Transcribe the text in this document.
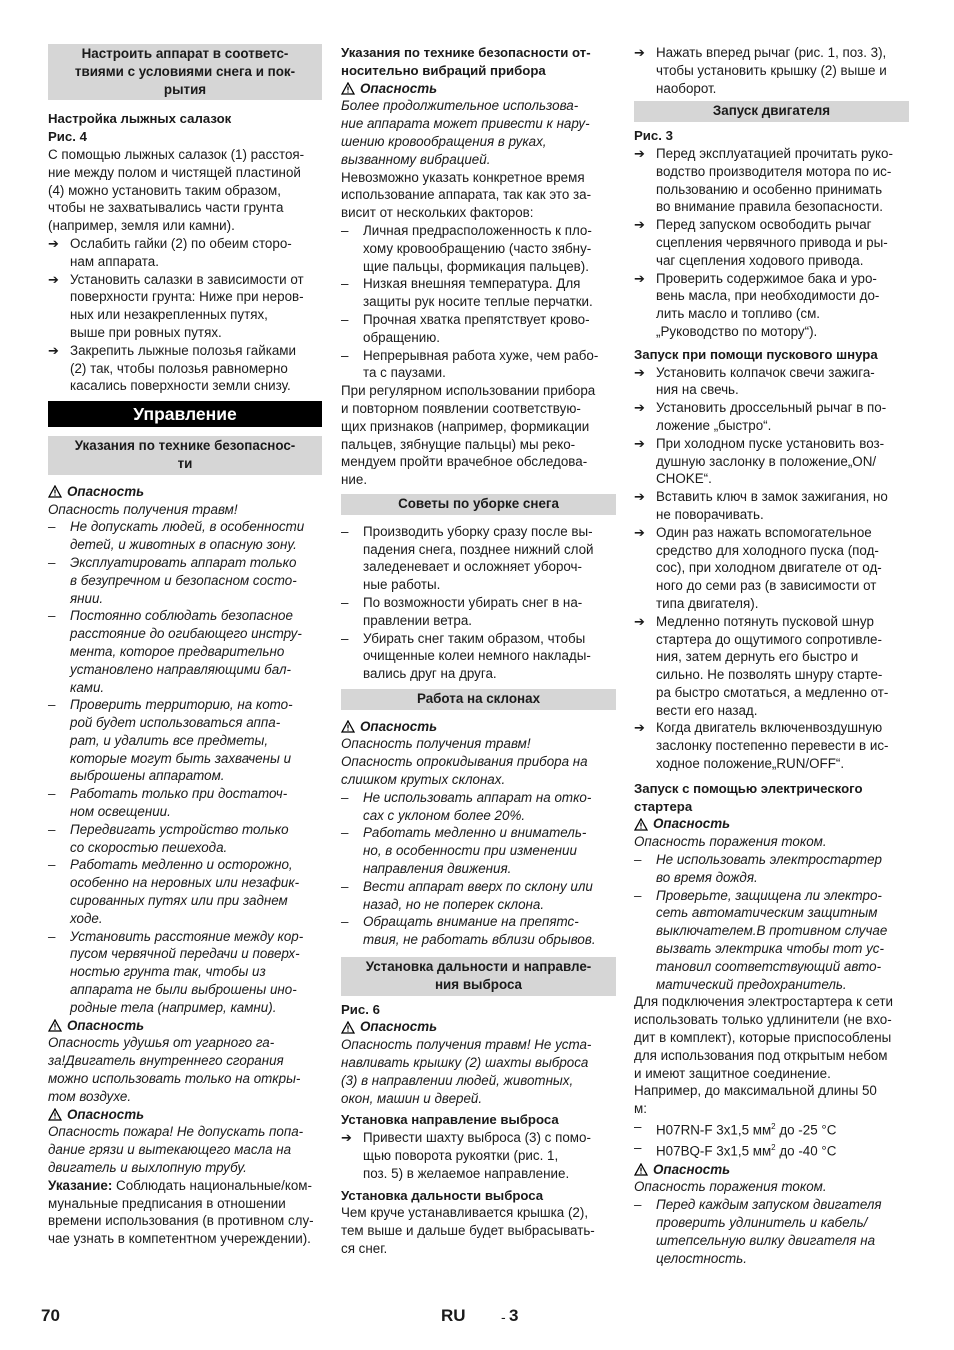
Настроить аппарат в соответс-
твиями с условиями снега и пок-
рытия

Настройка лыжных салазок

Рис. 4

С помощью лыжных салазок (1) расстоя-
ние между полом и чистящей пластиной
(4) можно установить таким образом,
чтобы не захватывались части грунта
(например, земля или камни).

➔ Ослабить гайки (2) по обеим сторо-
нам аппарата.
➔ Установить салазки в зависимости от
поверхности грунта: Ниже при неров-
ных или незакрепленных путях,
выше при ровных путях.
➔ Закрепить лыжные полозья гайками
(2) так, чтобы полозья равномерно
касались поверхности земли снизу.
Управление
Указания по технике безопаснос-
ти

Опасность

Опасность получения травм!

–	Не допускать людей, в особенности
детей, и животных в опасную зону.
–	Эксплуатировать аппарат только
в безупречном и безопасном состо-
янии.
–	Постоянно соблюдать безопасное
расстояние до огибающего инстру-
мента, которое предварительно
установлено направляющими бал-
ками.
–	Проверить территорию, на кото-
рой будет использоваться аппа-
рат, и удалить все предметы,
которые могут быть захвачены и
выброшены аппаратом.
–	Работать только при достаточ-
ном освещении.
–	Передвигать устройство только
со скоростью пешехода.
–	Работать медленно и осторожно,
особенно на неровных или незафик-
сированных путях или при заднем
ходе.
–	Установить расстояние между кор-
пусом червячной передачи и поверх-
ностью грунта так, чтобы из
аппарата не были выброшены ино-
родные тела (например, камни).

Опасность

Опасность удушья от угарного га-
за!Двигатель внутреннего сгорания
можно использовать только на откры-
том воздухе.

Опасность

Опасность пожара! Не допускать попа-
дание грязи и вытекающего масла на
двигатель и выхлопную трубу.

Указание: Соблюдать национальные/ком-
мунальные предписания в отношении
времени использования (в противном слу-
чае узнать в компетентном учереждении).

Указания по технике безопасности от-
носительно вибраций прибора

Опасность

Более продолжительное использова-
ние аппарата может привести к нару-
шению кровообращения в руках,
вызванному вибрацией.

Невозможно указать конкретное время
использование аппарата, так как это за-
висит от нескольких факторов:

–	Личная предрасположенность к пло-
хому кровообращению (часто зябну-
щие пальцы, формикация пальцев).
–	Низкая внешняя температура. Для
защиты рук носите теплые перчатки.
–	Прочная хватка препятствует крово-
обращению.
–	Непрерывная работа хуже, чем рабо-
та с паузами.

При регулярном использовании прибора
и повторном появлении соответствую-
щих признаков (например, формикации
пальцев, зябнущие пальцы) мы реко-
мендуем пройти врачебное обследова-
ние.

Советы по уборке снега
–	Производить уборку сразу после вы-
падения снега, позднее нижний слой
заледеневает и осложняет убороч-
ные работы.
–	По возможности убирать снег в на-
правлении ветра.
–	Убирать снег таким образом, чтобы
очищенные колеи немного наклады-
вались друг на друга.
Работа на склонах

Опасность

Опасность получения травм!
Опасность опрокидывания прибора на
слишком крутых склонах.

–	Не использовать аппарат на отко-
сах с уклоном более 20%.
–	Работать медленно и вниматель-
но, в особенности при изменении
направления движения.
–	Вести аппарат вверх по склону или
назад, но не поперек склона.
–	Обращать внимание на препятс-
твия, не работать вблизи обрывов.
Установка дальности и направле-
ния выброса

Рис. 6

Опасность

Опасность получения травм! Не уста-
навливать крышку (2) шахты выброса
(3) в направлении людей, животных,
окон, машин и дверей.

Установка направление выброса

➔ Привести шахту выброса (3) с помо-
щью поворота рукоятки (рис. 1,
поз. 5) в желаемое направление.

Установка дальности выброса

Чем круче устанавливается крышка (2),
тем выше и дальше будет выбрасывать-
ся снег.

➔ Нажать вперед рычаг (рис. 1, поз. 3),
чтобы установить крышку (2) выше и
наоборот.
Запуск двигателя

Рис. 3

➔ Перед эксплуатацией прочитать руко-
водство производителя мотора по ис-
пользованию и особенно принимать
во внимание правила безопасности.
➔ Перед запуском освободить рычаг
сцепления червячного привода и ры-
чаг сцепления ходового привода.
➔ Проверить содержимое бака и уро-
вень масла, при необходимости до-
лить масло и топливо (см.
„Руководство по мотору“).

Запуск при помощи пускового шнура

➔ Установить колпачок свечи зажига-
ния на свечь.
➔ Установить дроссельный рычаг в по-
ложение „быстро“.
➔ При холодном пуске установить воз-
душную заслонку в положение„ON/
CHOKE“.
➔ Вставить ключ в замок зажигания, но
не поворачивать.
➔ Один раз нажать вспомогательное
средство для холодного пуска (под-
сос), при холодном двигателе от од-
ного до семи раз (в зависимости от
типа двигателя).
➔ Медленно потянуть пусковой шнур
стартера до ощутимого сопротивле-
ния, затем дернуть его быстро и
сильно. Не позволять шнуру старте-
ра быстро смотаться, а медленно от-
вести его назад.
➔ Когда двигатель включенвоздушную
заслонку постепенно перевести в ис-
ходное положение„RUN/OFF“.

Запуск с помощью электрического
стартера

Опасность

Опасность поражения током.

–	Не использовать электростартер
во время дождя.
–	Проверьте, защищена ли электро-
сеть автоматическим защитным
выключателем.В противном случае
вызвать электрика чтобы тот ус-
тановил соответствующий авто-
матический предохранитель.

Для подключения электростартера к сети
использовать только удлинители (не вхо-
дит в комплект), которые приспособлены
для использования под открытым небом
и имеют защитное соединение.
Например, до максимальной длины 50
м:

–	H07RN-F 3x1,5 $мм^2$ до -25 °C
–	H07BQ-F 3x1,5 $мм^2$ до -40 °C

Опасность

Опасность поражения током.

–	Перед каждым запуском двигателя
проверить удлинитель и кабель/
штепсельную вилку двигателя на
целостность.
70	RU	- 3
